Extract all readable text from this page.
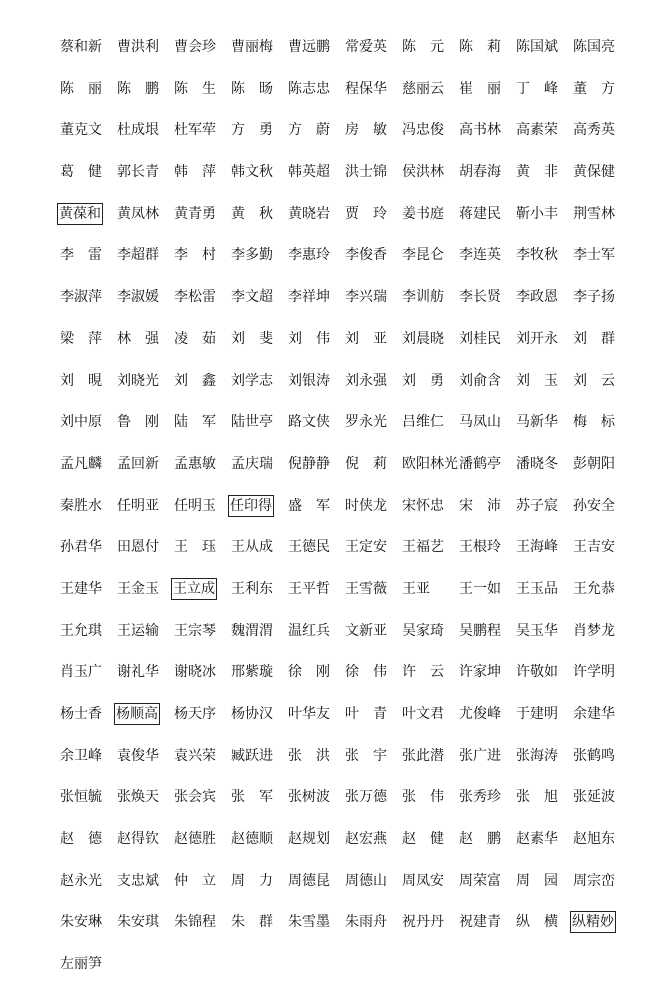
蔡和新 曹洪利 曹会珍 曹丽梅 曹远鹏 常爱英 陈　元 陈　莉 陈国斌 陈国亮
陈　丽 陈　鹏 陈　生 陈　旸 陈志忠 程保华 慈丽云 崔　丽 丁　峰 董　方
董克文 杜成垠 杜军荦 方　勇 方　蔚 房　敏 冯忠俊 高书林 高素荣 高秀英
葛　健 郭长青 韩　萍 韩文秋 韩英超 洪士锦 侯洪林 胡春海 黄　非 黄保健
黄葆和 黄凤林 黄青勇 黄　秋 黄晓岩 贾　玲 姜书庭 蒋建民 靳小丰 荆雪林
李　雷 李超群 李　村 李多勤 李惠玲 李俊香 李昆仑 李连英 李牧秋 李士军
李淑萍 李淑媛 李松雷 李文超 李祥坤 李兴瑞 李训舫 李长贤 李政恩 李子扬
梁　萍 林　强 凌　茹 刘　斐 刘　伟 刘　亚 刘晨晓 刘桂民 刘开永 刘　群
刘　晛 刘晓光 刘　鑫 刘学志 刘银涛 刘永强 刘　勇 刘俞含 刘　玉 刘　云
刘中原 鲁　刚 陆　军 陆世亭 路文侠 罗永光 吕维仁 马凤山 马新华 梅　标
孟凡麟 孟回新 孟惠敏 孟庆瑞 倪静静 倪　莉 欧阳林光 潘鹤亭 潘晓冬 彭朝阳
秦胜水 任明亚 任明玉 任印得 盛　军 时侠龙 宋怀忠 宋　沛 苏子宸 孙安全
孙君华 田恩付 王　珏 王从成 王德民 王定安 王福艺 王根玲 王海峰 王吉安
王建华 王金玉 王立成 王利东 王平哲 王雪薇 王亚 王一如 王玉品 王允恭
王允琪 王运输 王宗琴 魏渭渭 温红兵 文新亚 吴家琦 吴鹏程 吴玉华 肖梦龙
肖玉广 谢礼华 谢晓冰 邢紫璇 徐　刚 徐　伟 许　云 许家坤 许敬如 许学明
杨士香 杨顺高 杨天序 杨协汉 叶华友 叶　青 叶文君 尤俊峰 于建明 余建华
余卫峰 袁俊华 袁兴荣 臧跃进 张　洪 张　宇 张此潜 张广进 张海涛 张鹤鸣
张恒毓 张焕天 张会宾 张　军 张树波 张万德 张　伟 张秀珍 张　旭 张延波
赵　德 赵得钦 赵德胜 赵德顺 赵规划 赵宏燕 赵　健 赵　鹏 赵素华 赵旭东
赵永光 支忠斌 仲　立 周　力 周德昆 周德山 周凤安 周荣富 周　园 周宗峦
朱安琳 朱安琪 朱锦程 朱　群 朱雪墨 朱雨舟 祝丹丹 祝建青 纵　横 纵精妙
左丽笋
